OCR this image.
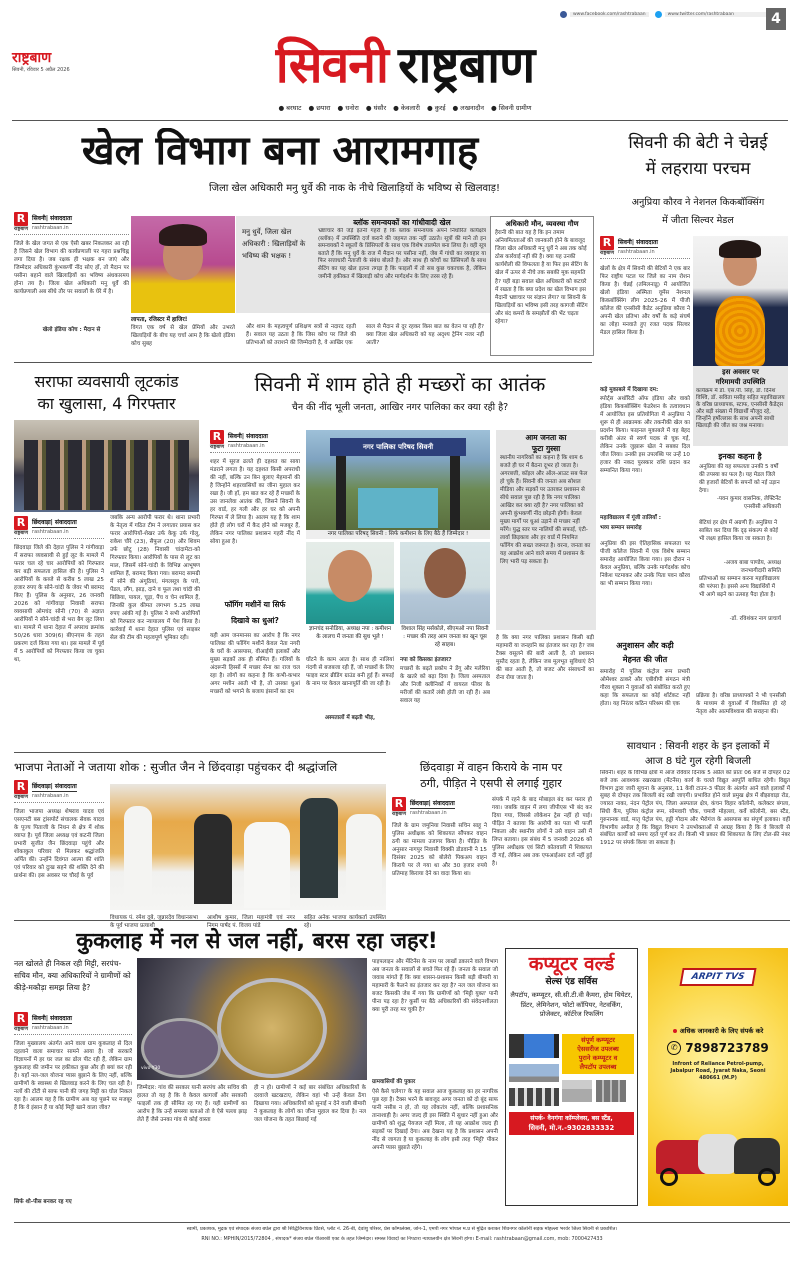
www.facebook.com/rashtrabaan	www.twitter.com/rashtrabaan	4
राष्ट्रबाण
सिवनी, रविवार 5 अप्रैल 2026	सिवनी राष्ट्रबाण
● बरघाट ● छपारा ● धनोरा ● घंसौर ● केवलारी ● कुरई ● लखनादौन ● सिवनी ग्रामीण
खेल विभाग बना आरामगाह
जिला खेल अधिकारी मनु धुर्वे की नाक के नीचे खिलाड़ियों के भविष्य से खिलवाड़!
R
राष्ट्रबाण
सिवनी| संवाददाता
rashtrabaan.in
जिले के खेल जगत से एक ऐसी खबर निकलकर आ रही है जिसने खेल विभाग की कार्यप्रणाली पर गहरा प्रश्नचिह्न लगा दिया है। जब रक्षक ही भक्षक बन जाएं और जिम्मेदार अधिकारी कुंभकर्णी नींद सोए हों, तो मैदान पर पसीना बहाने वाले खिलाड़ियों का भविष्य अंधकारमय होना तय है। जिला खेल अधिकारी मनु धुर्वे की कार्यप्रणाली अब सीधे तौर पर सवालों के घेरे में है।
खेलो इंडिया कोच : मैदान से
लापता, रजिस्टर में हाजिर!
विगत एक वर्ष से खेल प्रेमियों और उभरते खिलाड़ियों के बीच यह चर्चा आम है कि खेलो इंडिया कोच सुबह
मनु धुर्वे, जिला खेल अधिकारी : खिलाड़ियों के भविष्य की भक्षक !
ब्लॉक समन्वयकों का गांधीवादी खेल
भ्रष्टाचार की जड़ें इतनी गहरी है कि ब्लॉक समन्वयक अपने निर्धारित कार्यक्षेत्र (ब्लॉक) में उपस्थिति दर्ज कराने की जहमत तक नहीं उठाते। सूत्रों की माने तो इन समन्वयकों ने स्कूलों के प्रिंसिपलों के साथ एक विशेष तालमेल बना लिया है। वही सूत्र बताते हैं कि मनु धुर्वे के राज में मैदान पर पसीना नहीं, जेब में गांधी का व्यवहार या फिर सत्ताधारी नेताजी के संबंध बोलते है। और साथ ही कोचों का प्रिंसिपलों के साथ सेटिंग का यह खेल इतना तगड़ा है कि फाइलों में तो सब कुछ चकाचक है, लेकिन जमीनी हकीकत में खिलाड़ी कोच और मार्गदर्शन के लिए तरस रहे हैं।
और शाम के महत्वपूर्ण प्रशिक्षण सत्रों से नदारद रहती हैं। सवाल यह उठता है कि जिस कोच पर जिले की प्रतिभाओं को तराशने की जिम्मेदारी है, वे आखिर एक
साल से मैदान से दूर रहकर किस बात का वेतन पा रही हैं? क्या जिला खेल अधिकारी को यह अदृश्य ट्रेनिंग नजर नहीं आती?
अधिकारी मौन, व्यवस्था गौण
हैरानी की बात यह है कि इन तमाम अनियमितताओं की जानकारी होने के बावजूद जिला खेल अधिकारी मनु धुर्वे ने अब तक कोई ठोस कार्रवाई नहीं की है। क्या यह उनकी कार्यशैली की विफलता है या फिर इस सेटिंग के खेल में ऊपर से नीचे तक सबकी मूक सहमति है? यही बड़ा सवाल खेल अधिकारी को कटघरे में रखता है कि क्या प्रदेश का खेल विभाग इस मैदानी भ्रष्टाचार पर संज्ञान लेगा? या सिवनी के खिलाड़ियों का भविष्य इसी तरह कागजी सेटिंग और बंद कमरों के समझौतों की भेंट चढ़ता रहेगा?
सिवनी की बेटी ने चेन्नई
में लहराया परचम
अनुप्रिया कौरव ने नेशनल किकबॉक्सिंग
में जीता सिल्वर मेडल
R
राष्ट्रबाण
सिवनी| संवाददाता
rashtrabaan.in
खेलों के क्षेत्र में सिवनी की बेटियों ने एक बार फिर राष्ट्रीय पटल पर जिले का नाम रोशन किया है। चेन्नई (तमिलनाडु) में आयोजित खेलो इंडिया अस्मिता वूमेंस नेशनल किकबॉक्सिंग लीग 2025-26 में पीजी कॉलेज की एनसीसी कैडेट अनुप्रिया कौरव ने अपनी खेल प्रतिभा और वर्षों के कड़े संघर्ष का लोहा मनवाते हुए रजत पदक सिल्वर मेडल हासिल किया है।
इस अवसर पर
गरिमामयी उपस्थिति
कार्यक्रम में डॉ. एस.पी. सिंह, डॉ. दिनेश विश्वि, डॉ. सविता मसीह सहित महाविद्यालय के वरिष्ठ प्राध्यापक, स्टाफ, एनसीसी कैडेट्स और बड़ी संख्या में विद्यार्थी मौजूद रहे, जिन्होंने हर्षोल्लास के साथ अपनी साथी खिलाड़ी की जीत का जश्न मनाया।
इनका कहना है
अनुप्रिया की यह सफलता उनकी 5 वर्षों की तपस्या का फल है। यह मेडल जिले की हजारों बेटियों के सपनों को नई उड़ान देगा।
-पवन कुमार वासनिक, लेफ्टिनेंट एनसीसी अधिकारी
बेटियां हर क्षेत्र में अग्रणी हैं। अनुप्रिया ने साबित कर दिया कि दृढ़ संकल्प से कोई भी लक्ष्य हासिल किया जा सकता है।
-अजय बाबा पाण्डेय, अध्यक्ष जनभागीदारी समिति
प्रतिभाओं का सम्मान करना महाविद्यालय की परंपरा है। इससे अन्य विद्यार्थियों में भी आगे बढ़ने का उत्साह पैदा होता है।
-डॉ. रविशंकर नाग प्राचार्य
कड़े मुकाबले में दिखाया दम:
स्पोर्ट्स अथॉरिटी ऑफ इंडिया और वाको इंडिया किकबॉक्सिंग फेडरेशन के तत्वावधान में आयोजित इस प्रतियोगिता में अनुप्रिया ने शुरू से ही आक्रामक और तकनीकी खेल का प्रदर्शन किया। फाइनल मुकाबले में वह बेहद करीबी अंतर से स्वर्ण पदक से चूक गईं, लेकिन उनके जुझारू खेल ने सबका दिल जीत लिया। उनकी इस उपलब्धि पर उन्हें 10 हजार की नकद पुरस्कार राशि प्रदान कर सम्मानित किया गया।
महाविद्यालय में गूंजी तालियाँ :
भव्य सम्मान समारोह
अनुप्रिया की इस ऐतिहासिक सफलता पर पीजी कॉलेज सिवनी में एक विशेष सम्मान समारोह आयोजित किया गया। इस दौरान न केवल अनुप्रिया, बल्कि उनके मार्गदर्शक कोच निकेश पटमाकर और उनके पिता पवन कौरव का भी सम्मान किया गया।
अनुशासन और कड़ी
मेहनत की जीत
समारोह में पुलिस कंट्रोल रूम प्रभारी ओमेश्वर ठाकरे और एबीवीपी संगठन मंत्री गौरव शुक्ला ने युवाओं को संबोधित करते हुए कहा कि सफलता का कोई शॉर्टकट नहीं होता। यह निरंतर कठिन परिश्रम की एक
प्रक्रिया है। वरिष्ठ प्राध्यापकों ने भी एनसीसी के माध्यम से युवाओं में विकसित हो रहे नेतृत्व और आत्मविश्वास की सराहना की।
सराफा व्यवसायी लूटकांड
का खुलासा, 4 गिरफ्तार
R
राष्ट्रबाण
छिंदवाड़ा| संवाददाता
rashtrabaan.in
छिंदवाड़ा जिले की देहात पुलिस ने गांगीवाड़ा में सराफा व्यवसायी से हुई लूट के मामले में फरार चल रहे चार आरोपियों को गिरफ्तार कर बड़ी सफलता हासिल की है। पुलिस ने आरोपियों के कब्जे से करीब 5 लाख 25 हजार रुपए के सोने-चांदी के जेवर भी बरामद किए हैं। पुलिस के अनुसार, 26 जनवरी 2026 को गांगीवाड़ा निवासी सराफा व्यवसायी ओमचंद सोनी (70) से अज्ञात आरोपियों ने सोने-चांदी से भरा बैग लूट लिया था। मामले में थाना देहात में अपराध क्रमांक 50/26 धारा 309(6) बीएनएस के तहत प्रकरण दर्ज किया गया था। इस मामले में पूर्व में 5 आरोपियों को गिरफ्तार किया जा चुका था,
जबकि अन्य आरोपी फरार थे। थाना प्रभारी के नेतृत्व में गठित टीम ने लगातार प्रयास कर फरार आरोपियों-शेखर उर्फ केकू उर्फ गोलू, राकेश चौरे (23), सैफुल (20) और शिवम उर्फ छोटू (28) निवासी चांदामेटा-को गिरफ्तार किया। आरोपियों के पास से लूट का माल, जिसमें सोने-चांदी के विभिन्न आभूषण शामिल हैं, बरामद किया गया। बरामद सामग्री में सोने की अंगूठियां, मंगलसूत्र के पत्ते, पेंडल, लौंग, झाड़, दाने व फूल तथा चांदी की बिछिया, पायल, चूड़ा, पैंच व चेन शामिल हैं, जिनकी कुल कीमत लगभग 5.25 लाख रुपए आंकी गई है। पुलिस ने सभी आरोपियों को गिरफ्तार कर न्यायालय में पेश किया है। कार्रवाई में थाना देहात पुलिस एवं साइबर सेल की टीम की महत्वपूर्ण भूमिका रही।
सिवनी में शाम होते ही मच्छरों का आतंक
चैन की नींद भूली जनता, आखिर नगर पालिका कर क्या रही है?
R
राष्ट्रबाण
सिवनी| संवाददाता
rashtrabaan.in
शहर में सूरज ढलते ही दहशत का साया मंडराने लगता है। यह दहशत किसी अपराधी की नहीं, बल्कि उन बिन बुलाए मेहमानों की है जिन्होंने शहरवासियों का जीना मुहाल कर रखा है। जी हाँ, हम बात कर रहे हैं मच्छरों के उस जानलेवा आतंक की, जिसने सिवनी के हर वार्ड, हर गली और हर घर को अपनी गिरफ्त में ले लिया है। आलम यह है कि शाम होते ही लोग घरों में कैद होने को मजबूर हैं, लेकिन नगर पालिका प्रशासन गहरी नींद में सोया हुआ है।
फॉगिंग मशीनें या सिर्फ
दिखावे का धुआं?
यही आम जनमानस का आरोप है कि नगर पालिका की फॉगिंग मशीनें केवल नेता नगरी के घरों के आसपास, वीआईपी इलाकों और मुख्य सड़कों तक ही सीमित हैं। गलियों के अंदरूनी हिस्सों में मच्छर सेना का राज चल रहा है। लोगों का कहना है कि कभी-कभार अगर मशीन आती भी है, तो उसका धुआं मच्छरों को भगाने के बजाय इंसानों का दम
नगर पालिका परिषद सिवनी
नगर पालिका परिषद् सिवनी : सिर्फ कमीशन के लिए बैठे हैं जिम्मेदार !
ज्ञानचंद सनोडिया, अध्यक्ष नपा : कमीशन के लालच में जनता की सुध भूले !
विशाल सिंह मर्सकोले, सीएमओ नपा सिवनी : मच्छर की तरह आम जनता का खून चूस रहे साहब।
घोंटने के काम आता है। साथ ही नालियां गंदगी से बजबजा रही हैं, जो मच्छरों के लिए फाइव स्टार ब्रीडिंग ग्राउंड बनी हुई हैं। सफाई के नाम पर केवल खानापूर्ति की जा रही है।
अस्पतालों में बढ़ती भीड़,
नपा को किसका इंतजार?
मच्छरों के बढ़ते प्रकोप ने डेंगू और मलेरिया के खतरे को बढ़ा दिया है। जिला अस्पताल और निजी क्लीनिकों में वायरल फीवर के मरीजों की कतारें लंबी होती जा रही हैं। अब सवाल यह
आम जनता का
फूटा गुस्सा
स्थानीय नागरिकों का कहना है कि शाम 6 बजते ही घर में बैठना दूभर हो जाता है। अगरबत्ती, कॉइल और ऑल-आउट सब फेल हो चुके हैं। सिवनी की जनता अब सोशल मीडिया और सड़कों पर उतरकर प्रशासन से सीधे सवाल पूछ रही है कि नगर पालिका आखिर कर क्या रही है? नगर पालिका को अपनी कुंभकर्णी नींद छोड़नी होगी। केवल मुख्य मार्गों पर धुआं उड़ाने से मच्छर नहीं मरेंगे। युद्ध स्तर पर नालियों की सफाई, एंटी-लार्वा छिड़काव और हर वार्ड में नियमित फॉगिंग की सख्त जरूरत है। वरना, जनता का यह आक्रोश आने वाले समय में प्रशासन के लिए भारी पड़ सकता है।
है कि क्या नगर पालिका प्रशासन किसी बड़ी महामारी या जनहानि का इंतजार कर रहा है? जब टैक्स वसूलने की बारी आती है, तो प्रशासन मुस्तैद रहता है, लेकिन जब मूलभूत सुविधाएं देने की बात आती है, तो बजट और संसाधनों का रोना रोया जाता है।
भाजपा नेताओं ने जताया शोक : सुजीत जैन ने छिंदवाड़ा पहुंचकर दी श्रद्धांजलि
R
राष्ट्रबाण
छिंदवाड़ा| संवाददाता
rashtrabaan.in
जिला भाजपा अध्यक्ष शेषराव यादव एवं एसएनटी बस ट्रांसपोर्ट संचालक सेवक यादव के पूज्य पिताजी के निधन से क्षेत्र में शोक व्याप्त है। पूर्व जिला अध्यक्ष एवं कटनी जिला प्रभारी सुजीत जैन छिंदवाड़ा पहुंचे और शोकाकुल परिवार से मिलकर श्रद्धांजलि अर्पित की। उन्होंने दिवंगत आत्मा की शांति एवं परिवार को दुःख सहने की शक्ति देने की प्रार्थना की। इस अवसर पर चौरई के पूर्व
विधायक पं. रमेश दुबे, जुन्नारदेव विधानसभा के पूर्व भाजपा प्रत्याशी
आशीष कुमार, जिला महामंत्री एवं नगर निगम पार्षद पं. विजय पांडे
सहित अनेक भाजपा कार्यकर्ता उपस्थित रहे।
छिंदवाड़ा में वाहन किराये के नाम पर
ठगी, पीड़ित ने एसपी से लगाई गुहार
R
राष्ट्रबाण
छिंदवाड़ा| संवाददाता
rashtrabaan.in
जिले के ग्राम जमुनिया निवासी सचिन साहू ने पुलिस अधीक्षक को शिकायत सौंपकर वाहन ठगी का मामला उजागर किया है। पीड़ित के अनुसार नागपुर निवासी विक्की डोडवानी ने 15 दिसंबर 2025 को बोलेरो पिकअप वाहन किराये पर ले गया था और 30 हजार रुपये प्रतिमाह किराया देने का वादा किया था।
संपर्क में रहने के बाद मोबाइल बंद कर फरार हो गया। जबकि वाहन में लगा जीपीएस भी बंद कर दिया गया, जिससे लोकेशन ट्रेस नहीं हो पाई। पीड़ित ने बताया कि आरोपी का पता भी फर्जी निकला और स्थानीय लोगों ने उसे वाहन उसी में लिप्त बताया। इस संबंध में 5 जनवरी 2026 को पुलिस अधीक्षक एवं सिटी कोतवाली में शिकायत दी गई, लेकिन अब तक एफआईआर दर्ज नहीं हुई है।
सावधान : सिवनी शहर के इन इलाकों में
आज 8 घंटे गुल रहेगी बिजली
सिवनी। शहर के विभिन्न क्षेत्रों में आज रविवार दिनांक 5 अप्रैल को प्रातः 06 बजे से दोपहर 02 बजे तक आवश्यक रखरखाव (मेंटनेंस) कार्य के चलते विद्युत आपूर्ति बाधित रहेगी। विद्युत विभाग द्वारा जारी सूचना के अनुसार, 11 केवी टाउन-3 फीडर के अंतर्गत आने वाले इलाकों में सुबह से दोपहर तक बिजली बंद रखी जाएगी। प्रभावित होने वाले प्रमुख क्षेत्र में बीझावाड़ा रोड, ज्यारत नाका, नंदन पेट्रोल पंप, जिला अस्पताल क्षेत्र, कंचन विहार कॉलोनी, कलेक्टर बंगला, सिंधी कैंप, पुलिस कंट्रोल रूम, सोमवारी चौक, चमारी मोहल्ला, कर्वे कॉलोनी, बस स्टैंड, गुरुनानक वार्ड, मातृ पेट्रोल पंप, हड्डी गोदाम और भैरोगंज के आसपास का संपूर्ण इलाका। वहीं विभागीय अपील है कि विद्युत विभाग ने उपभोक्ताओं से आग्रह किया है कि वे बिजली से संबंधित कार्यों को समय रहते पूर्ण कर लें। किसी भी प्रकार की शिकायत के लिए टोल-फ्री नंबर 1912 पर संपर्क किया जा सकता है।
कुकलाह में नल से जल नहीं, बरस रहा जहर!
नल खोलते ही निकल रही मिट्टी, सरपंच-सचिव मौन, क्या अधिकारियों ने ग्रामीणों को कीड़े-मकौड़ा समझ लिया है?
R
राष्ट्रबाण
सिवनी| संवाददाता
rashtrabaan.in
जिला मुख्यालय अंतर्गत आने वाला ग्राम कुकलाह से दिल दहलाने वाला समाचार सामने आया है। जो सरकारें विज्ञापनों में हर घर जल का ढोल पीट रही हैं, लेकिन ग्राम कुकलाह की जमीन पर हकीकत कुछ और ही बयां कर रही है। यहाँ नल-जल योजना प्यास बुझाने के लिए नहीं, बल्कि ग्रामीणों के स्वास्थ्य से खिलवाड़ करने के लिए चल रही है। नलों की टोंटी से साफ पानी की जगह मिट्टी का घोल निकल रहा है। आलम यह है कि ग्रामीण अब यह पूछने पर मजबूर हैं कि वे इंसान हैं या कोई मिट्टी खाने वाला जीव?
सिर्फ शो-पीस बनकर रह गए
vivo Y30
जिम्मेदार: गांव की सरकार यानी सरपंच और सचिव की हालत तो यह है कि वे केवल कागजों और सरकारी फाइलों तक ही सीमित रह गए हैं। यही ग्रामीणों का आरोप है कि उन्हें समस्या बताओ तो वे ऐसे पल्ला झाड़ लेते हैं जैसे उनका गांव से कोई वास्ता
ही न हो। ग्रामीणों ने कई बार संबंधित अधिकारियों के दरवाजे खटखटाए, लेकिन वहां भी उन्हें केवल ठेंगा दिखाया गया। अधिकारियों को सुनाई न देने वाली बीमारी ने कुकलाह के लोगों का जीना मुहाल कर दिया है। नल जल योजना के तहत बिछाई गई
पाइपलाइन और मेंटिनेंस के नाम पर लाखों डकारने वाले विभाग अब जनता के सवालों से बचते फिर रहे हैं। जनता के सवाल जो जवाब मांगते हैं कि क्या शासन-प्रशासन किसी बड़ी बीमारी या महामारी के फैलने का इंतजार कर रहा है? नल जल योजना का बजट किसकी जेब में गया कि ग्रामीणों को 'मिट्टी युक्त' पानी पीना पड़ रहा है? कुर्सी पर बैठे अधिकारियों की संवेदनशीलता क्या पूरी तरह मर चुकी है?
ग्रामवासियों की पुकार
ऐसे कैसे चलेगा? के यह सवाल आज कुकलाह का हर नागरिक पूछ रहा है। टैक्स भरने के बावजूद अगर जनता को दो बूंद साफ पानी नसीब न हो, तो यह लोकतंत्र नहीं, बल्कि प्रशासनिक तानाशाही है। अगर जल्द ही इस स्थिति में सुधार नहीं हुआ और ग्रामीणों को शुद्ध पेयजल नहीं मिला, तो यह आक्रोश जल्द ही सड़कों पर दिखाई देगा। अब देखना यह है कि प्रशासन अपनी नींद से जागता है या कुकलाह के लोग इसी तरह 'मिट्टी' पीकर अपनी प्यास बुझाते रहेंगे।
कप्यूटर वर्ल्ड
सेल्स एंड सर्विस
लैपटॉप, कम्प्यूटर, सी.सी.टी.वी कैमरा, होम थियेटर, प्रिंटर, लेमिनेशन, फोटो कॉपियर, नेटवर्किंग, प्रोजेक्टर, कॉर्टरेज रिफलिंग
संपूर्ण कम्प्यूटर
ऐससरीज उपलब्ध
पुराने कम्प्यूटर व
लैपटॉप उपलब्ध
संपर्क- वैनगंगा कॉम्प्लेक्स, बस स्टैंड,
सिवनी, मो.न.-9302833332
ARPIT TVS
अधिक जानकारी के लिए संपर्क करे
✆ 7898723789
Infront of Reliance Petrol-pump,
Jabalpur Road, Jyarat Naka, Seoni
480661 (M.P)
स्वामी, प्रकाशक, मुद्रक एवं संपादक संजय बघेल द्वारा श्री सिद्धिविनायक प्रिंटर्स, प्लॉट नं. 26-बी, देवांशु परिसर, प्रेस कॉम्पलेक्स, जोन-1, एमपी नगर भोपाल म.प्र से मुद्रित कराकर शिवनगर कॉलोनी सड़क मोहल्ला भरवेर जिला सिवनी से प्रकाशित।
RNI NO.: MPHIN/2015/72804 , संपादक* संजय बघेल पीआरबी एक्ट के तहत जिम्मेदार। समस्त विवादों का निपटारा न्यायालयीन क्षेत्र सिवनी होगा। E-mail: rashtrabaan@gmail.com, mob: 7000427433
